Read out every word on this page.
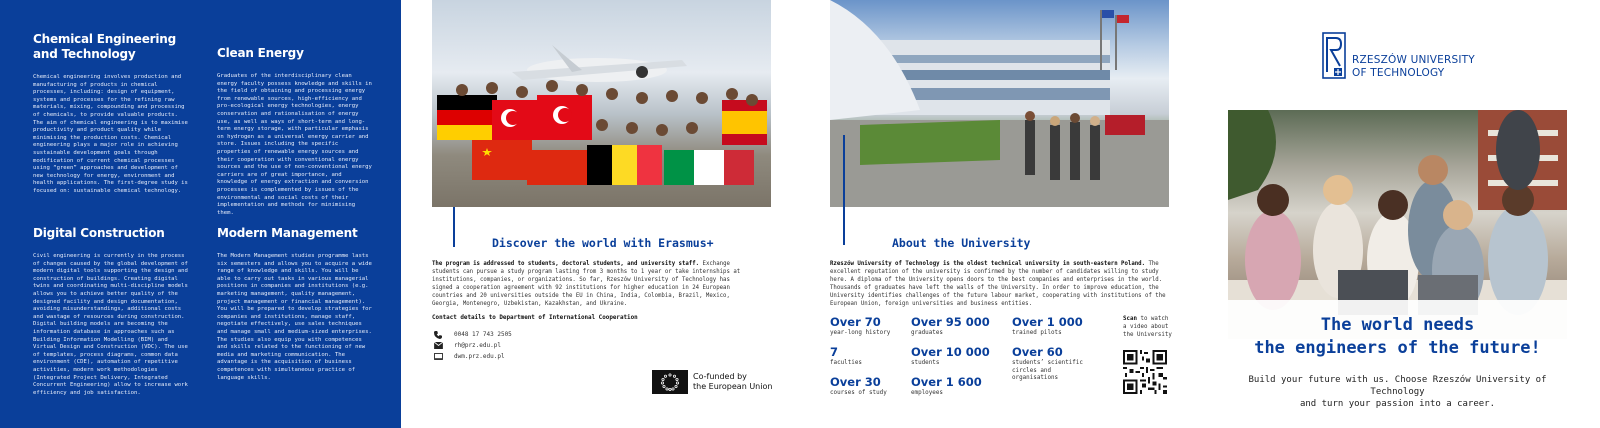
Chemical Engineering and Technology

Chemical engineering involves production and manufacturing of products in chemical processes, including: design of equipment, systems and processes for the refining raw materials, mixing, compounding and processing of chemicals, to provide valuable products. The aim of chemical engineering is to maximise productivity and product quality while minimising the production costs. Chemical engineering plays a major role in achieving sustainable development goals through modification of current chemical processes using “green” approaches and development of new technology for energy, environment and health applications. The first-degree study is focused on: sustainable chemical technology.

Clean Energy

Graduates of the interdisciplinary clean energy faculty possess knowledge and skills in the field of obtaining and processing energy from renewable sources, high-efficiency and pro-ecological energy technologies, energy conservation and rationalisation of energy use, as well as ways of short-term and long-term energy storage, with particular emphasis on hydrogen as a universal energy carrier and store. Issues including the specific properties of renewable energy sources and their cooperation with conventional energy sources and the use of non-conventional energy carriers are of great importance, and knowledge of energy extraction and conversion processes is complemented by issues of the environmental and social costs of their implementation and methods for minimising them.

Digital Construction

Civil engineering is currently in the process of changes caused by the global development of modern digital tools supporting the design and construction of buildings. Creating digital twins and coordinating multi-discipline models allows you to achieve better quality of the designed facility and design documentation, avoiding misunderstandings, additional costs and wastage of resources during construction. Digital building models are becoming the information database in approaches such as Building Information Modelling (BIM) and Virtual Design and Construction (VDC). The use of templates, process diagrams, common data environment (CDE), automation of repetitive activities, modern work methodologies (Integrated Project Delivery, Integrated Concurrent Engineering) allow to increase work efficiency and job satisfaction.

Modern Management

The Modern Management studies programme lasts six semesters and allows you to acquire a wide range of knowledge and skills. You will be able to carry out tasks in various managerial positions in companies and institutions (e.g. marketing management, quality management, project management or financial management). You will be prepared to develop strategies for companies and institutions, manage staff, negotiate effectively, use sales techniques and manage small and medium-sized enterprises. The studies also equip you with competences and skills related to the functioning of new media and marketing communication. The advantage is the acquisition of business competences with simultaneous practice of language skills.

Discover the world with Erasmus+

The program is addressed to students, doctoral students, and university staff. Exchange students can pursue a study program lasting from 3 months to 1 year or take internships at institutions, companies, or organizations. So far, Rzeszów University of Technology has signed a cooperation agreement with 92 institutions for higher education in 24 European countries and 20 universities outside the EU in China, India, Colombia, Brazil, Mexico, Georgia, Montenegro, Uzbekistan, Kazakhstan, and Ukraine.

Contact details to Department of International Cooperation
0048 17 743 2505
rh@prz.edu.pl
dwm.prz.edu.pl
Co-funded by
the European Union
About the University

Rzeszów University of Technology is the oldest technical university in south-eastern Poland. The excellent reputation of the university is confirmed by the number of candidates willing to study here. A diploma of the University opens doors to the best companies and enterprises in the world. Thousands of graduates have left the walls of the University. In order to improve education, the University identifies challenges of the future labour market, cooperating with institutions of the European Union, foreign universities and business entities.

Over 70
year-long history
Over 95 000
graduates
Over 1 000
trained pilots
7
faculties
Over 10 000
students
Over 60
students’ scientific circles and organisations
Over 30
courses of study
Over 1 600
employees
Scan to watch a video about the University
RZESZÓW UNIVERSITY
OF TECHNOLOGY
The world needs
the engineers of the future!
Build your future with us. Choose Rzeszów University of Technology
and turn your passion into a career.
